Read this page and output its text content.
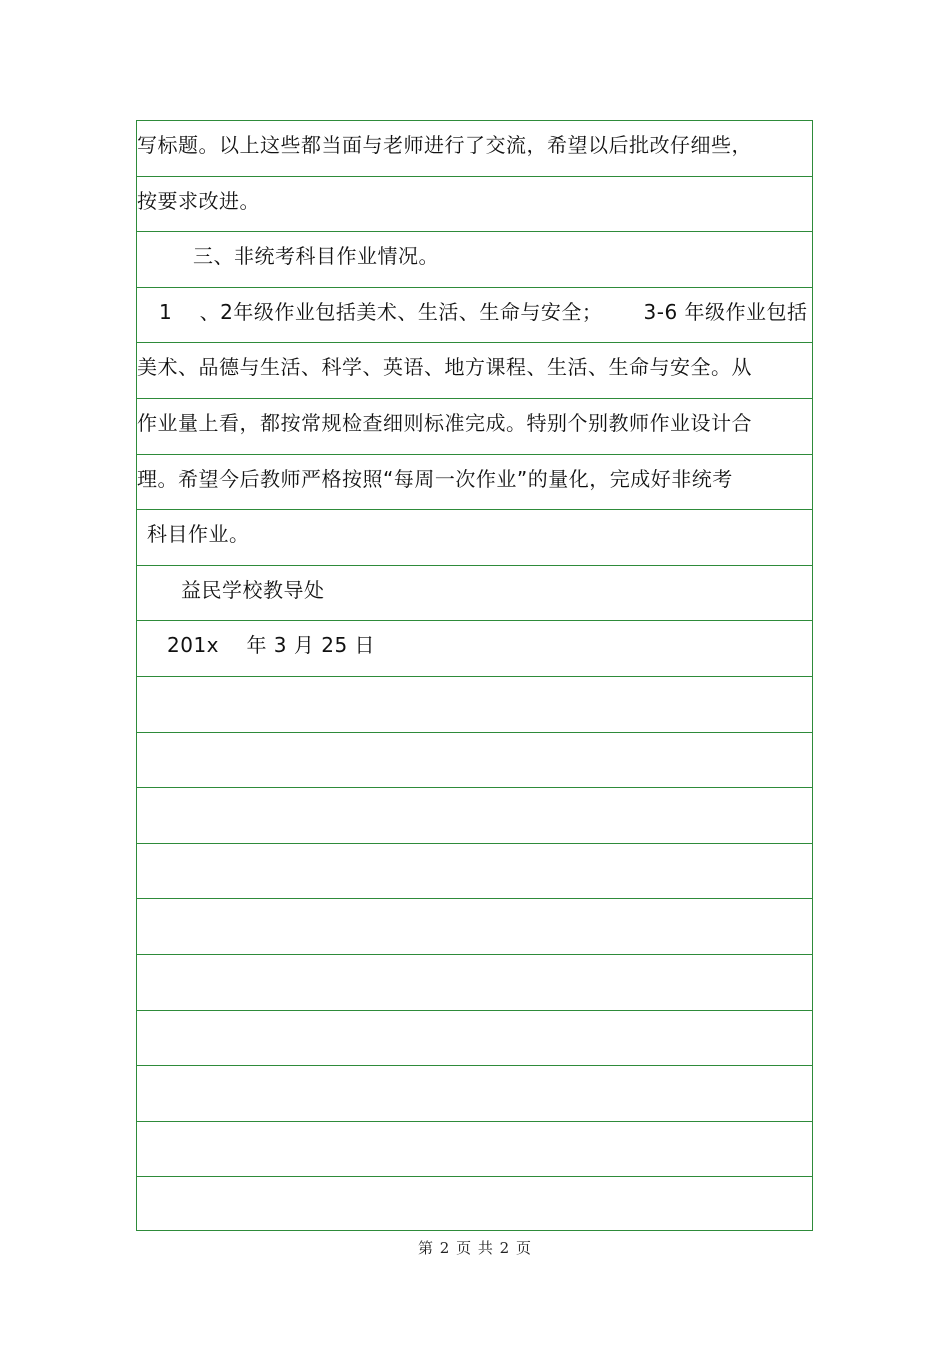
写标题。以上这些都当面与老师进行了交流，希望以后批改仔细些，
按要求改进。
三、非统考科目作业情况。
1    、2年级作业包括美术、生活、生命与安全；      3-6 年级作业包括
美术、品德与生活、科学、英语、地方课程、生活、生命与安全。从
作业量上看，都按常规检查细则标准完成。特别个别教师作业设计合
理。希望今后教师严格按照“每周一次作业”的量化，完成好非统考
科目作业。
益民学校教导处
201x    年 3 月 25 日
第 2 页 共 2 页
